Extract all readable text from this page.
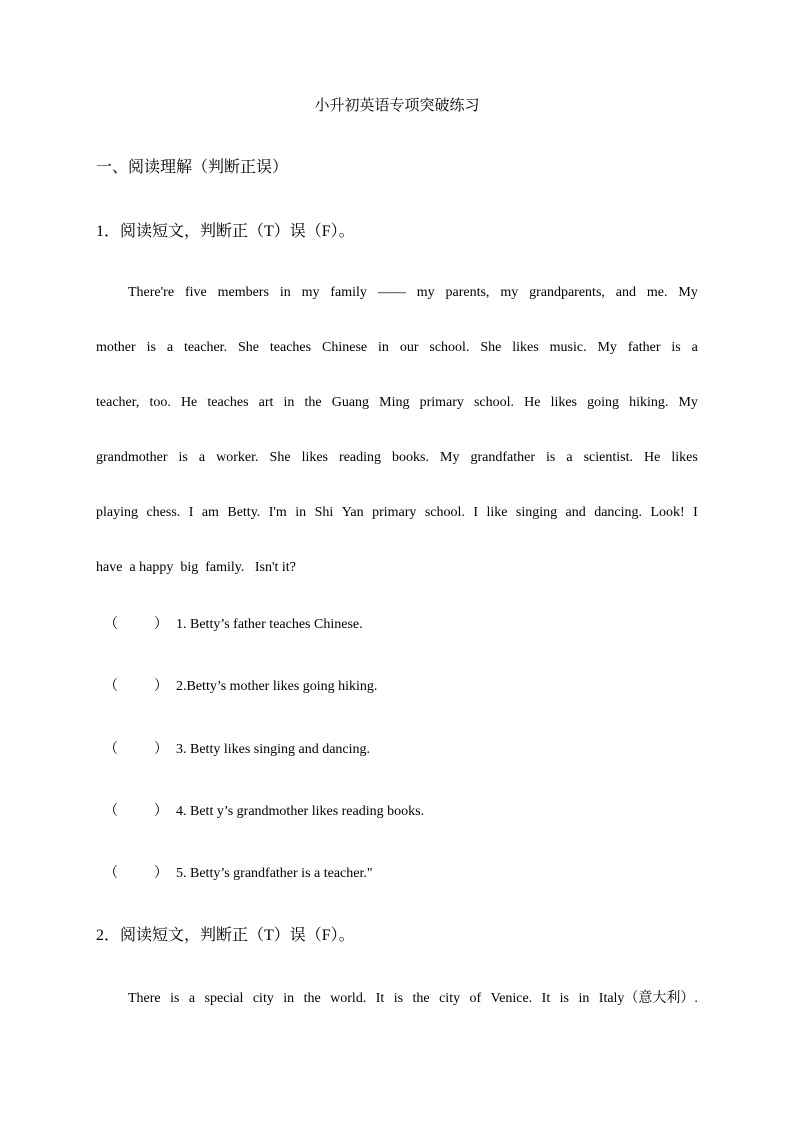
小升初英语专项突破练习
一、阅读理解（判断正误）
1．阅读短文，判断正（T）误（F）。
There're five members in my family —— my parents, my grandparents, and me. My
mother is a teacher. She teaches Chinese in our school. She likes music. My father is a
teacher, too. He teaches art in the Guang Ming primary school. He likes going hiking. My
grandmother is a worker. She likes reading books. My grandfather is a scientist. He likes
playing chess. I am Betty. I'm in Shi Yan primary school. I like singing and dancing. Look! I
have  a happy  big  family.   Isn't it?
（	） 1. Betty’s father teaches Chinese.
（	） 2.Betty’s mother likes going hiking.
（	） 3. Betty likes singing and dancing.
（	） 4. Bett y’s grandmother likes reading books.
（	） 5. Betty’s grandfather is a teacher."
2．阅读短文，判断正（T）误（F）。
There is a special city in the world. It is the city of Venice. It is in Italy（意大利）.
